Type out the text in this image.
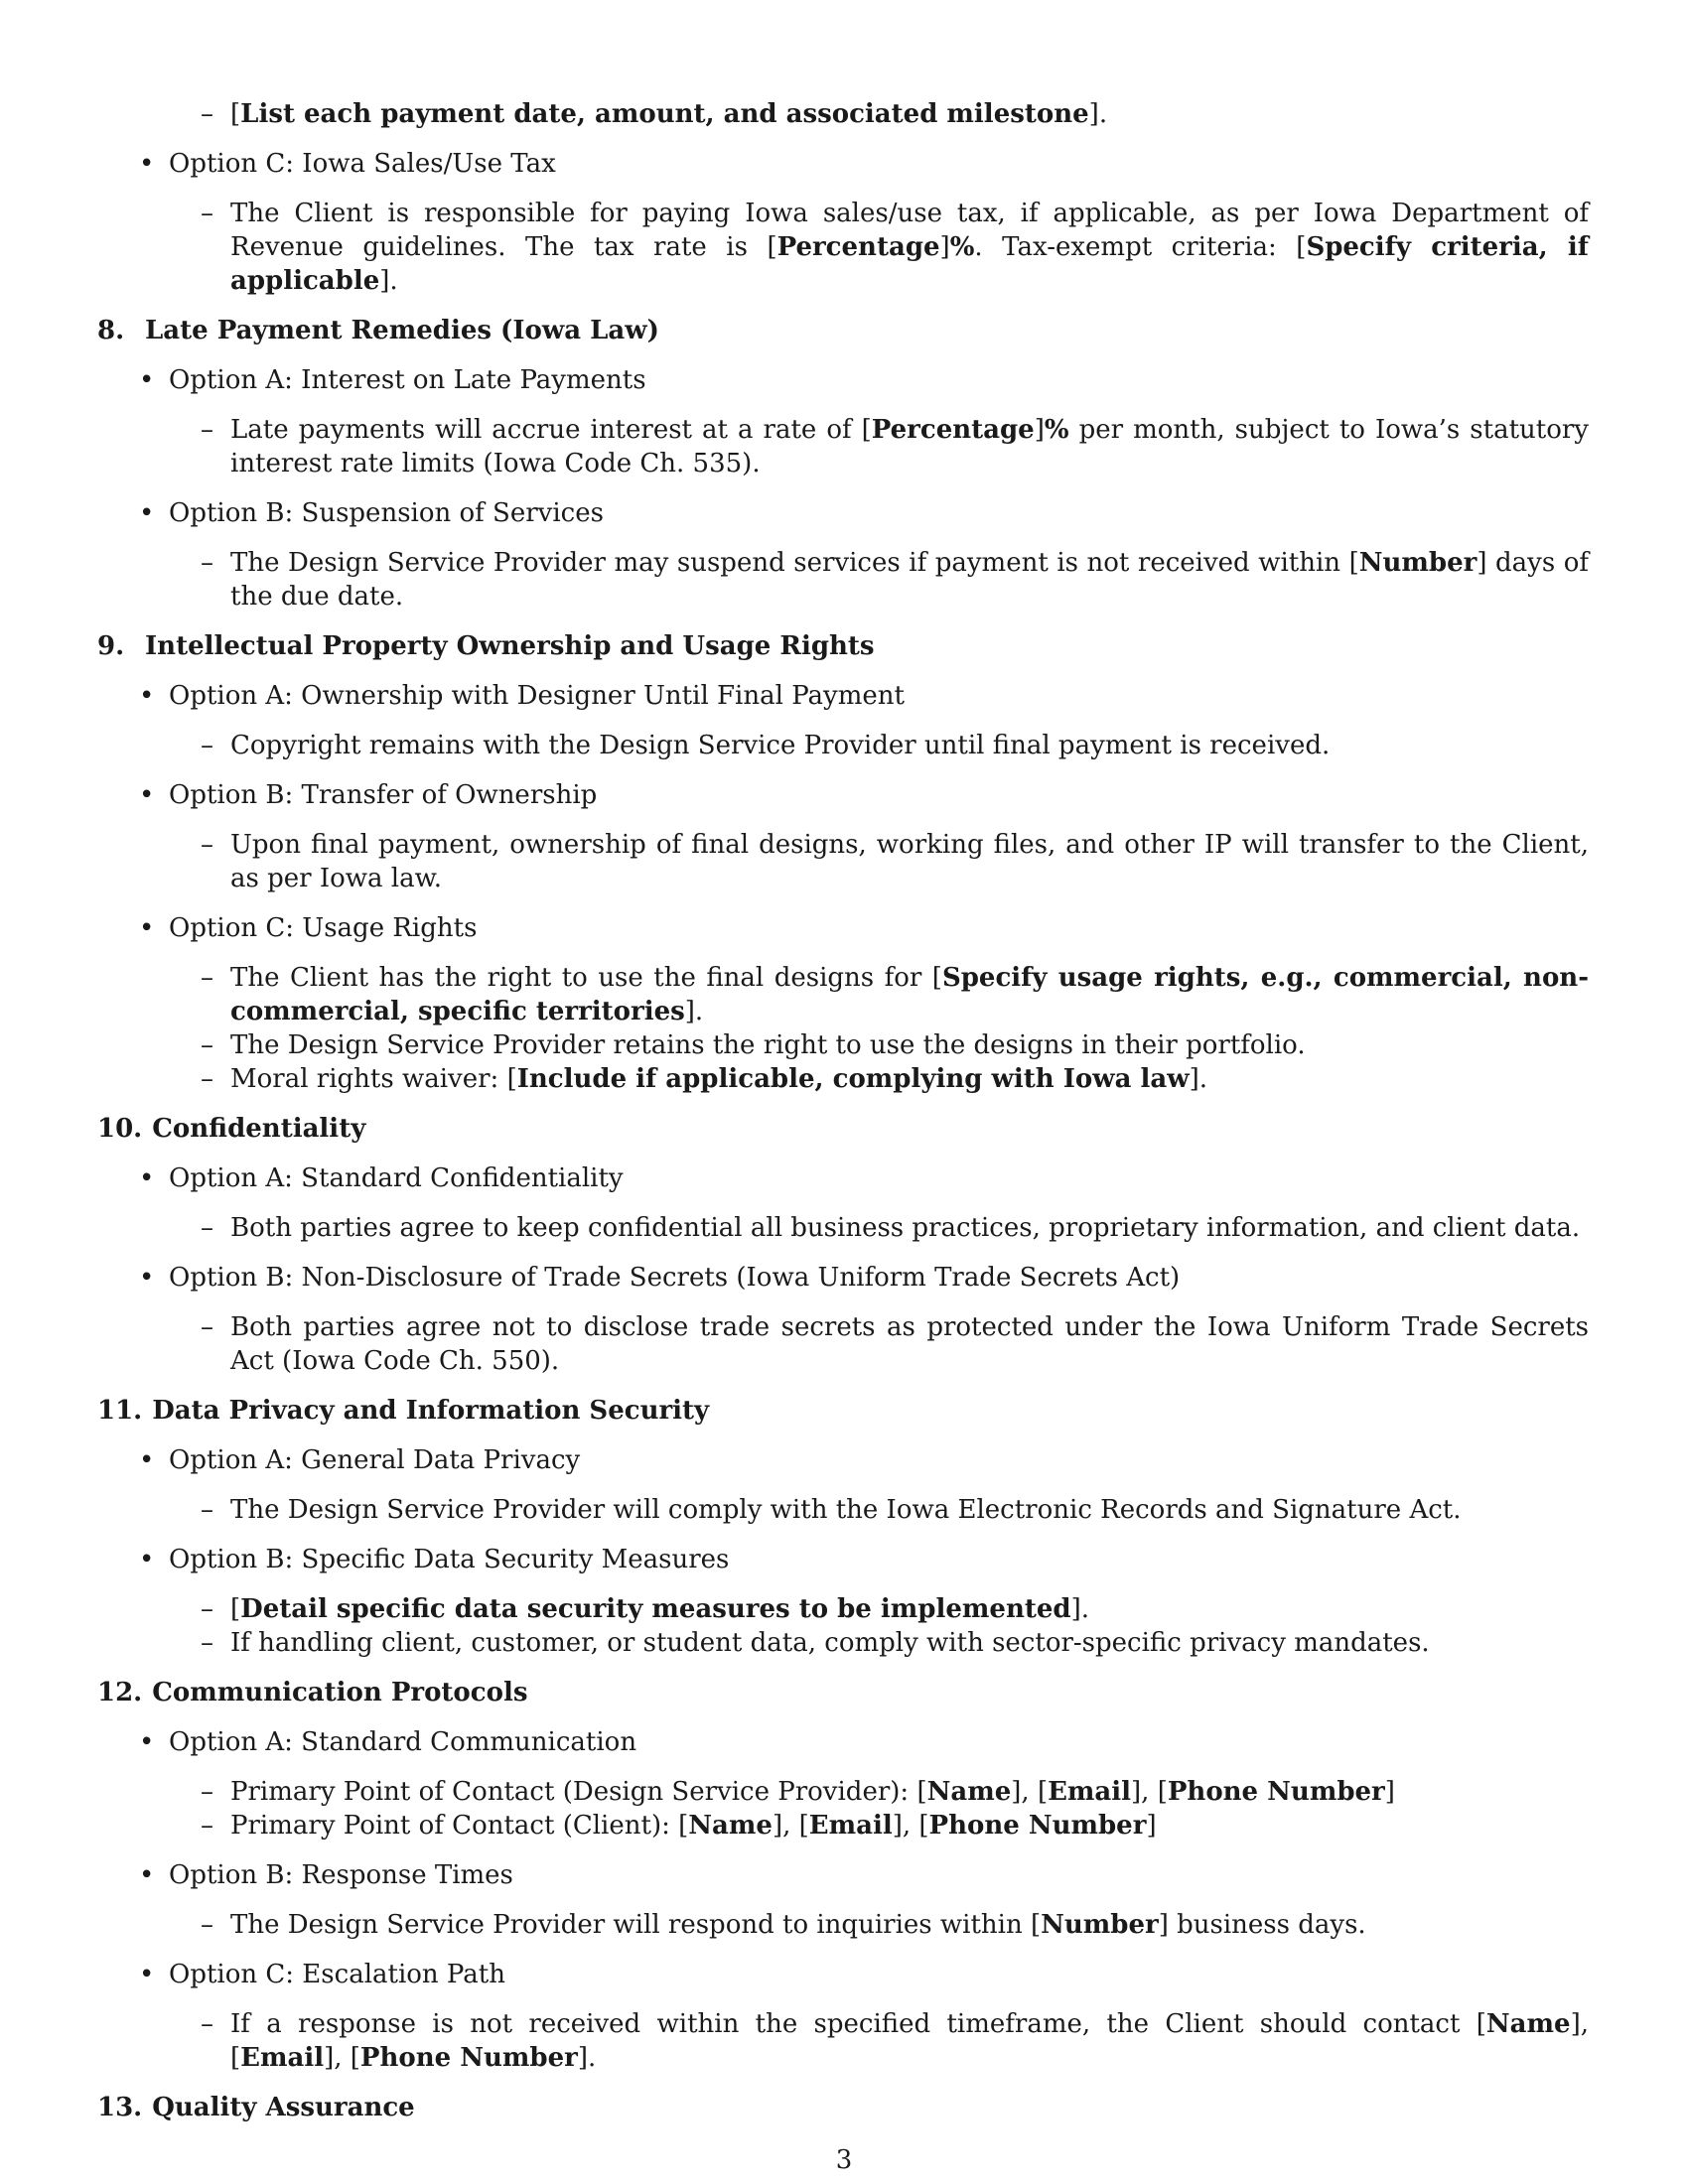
– [List each payment date, amount, and associated milestone].
• Option C: Iowa Sales/Use Tax
– The Client is responsible for paying Iowa sales/use tax, if applicable, as per Iowa Department of Revenue guidelines. The tax rate is [Percentage]%. Tax-exempt criteria: [Specify criteria, if applicable].
8. Late Payment Remedies (Iowa Law)
• Option A: Interest on Late Payments
– Late payments will accrue interest at a rate of [Percentage]% per month, subject to Iowa’s statutory interest rate limits (Iowa Code Ch. 535).
• Option B: Suspension of Services
– The Design Service Provider may suspend services if payment is not received within [Number] days of the due date.
9. Intellectual Property Ownership and Usage Rights
• Option A: Ownership with Designer Until Final Payment
– Copyright remains with the Design Service Provider until final payment is received.
• Option B: Transfer of Ownership
– Upon final payment, ownership of final designs, working files, and other IP will transfer to the Client, as per Iowa law.
• Option C: Usage Rights
– The Client has the right to use the final designs for [Specify usage rights, e.g., commercial, non-commercial, specific territories].
– The Design Service Provider retains the right to use the designs in their portfolio.
– Moral rights waiver: [Include if applicable, complying with Iowa law].
10. Confidentiality
• Option A: Standard Confidentiality
– Both parties agree to keep confidential all business practices, proprietary information, and client data.
• Option B: Non-Disclosure of Trade Secrets (Iowa Uniform Trade Secrets Act)
– Both parties agree not to disclose trade secrets as protected under the Iowa Uniform Trade Secrets Act (Iowa Code Ch. 550).
11. Data Privacy and Information Security
• Option A: General Data Privacy
– The Design Service Provider will comply with the Iowa Electronic Records and Signature Act.
• Option B: Specific Data Security Measures
– [Detail specific data security measures to be implemented].
– If handling client, customer, or student data, comply with sector-specific privacy mandates.
12. Communication Protocols
• Option A: Standard Communication
– Primary Point of Contact (Design Service Provider): [Name], [Email], [Phone Number]
– Primary Point of Contact (Client): [Name], [Email], [Phone Number]
• Option B: Response Times
– The Design Service Provider will respond to inquiries within [Number] business days.
• Option C: Escalation Path
– If a response is not received within the specified timeframe, the Client should contact [Name], [Email], [Phone Number].
13. Quality Assurance
3
